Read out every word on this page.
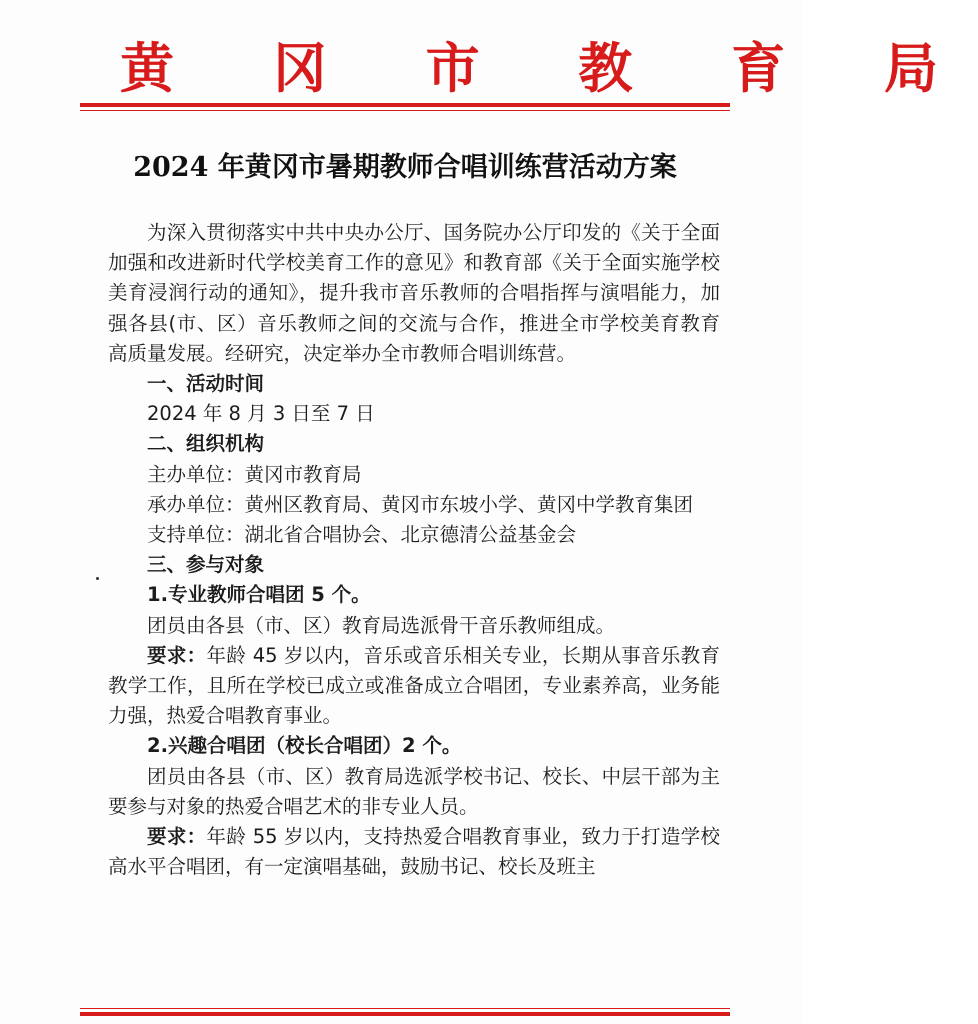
黄 冈 市 教 育 局
2024 年黄冈市暑期教师合唱训练营活动方案

为深入贯彻落实中共中央办公厅、国务院办公厅印发的《关于全面加强和改进新时代学校美育工作的意见》和教育部《关于全面实施学校美育浸润行动的通知》，提升我市音乐教师的合唱指挥与演唱能力，加强各县(市、区）音乐教师之间的交流与合作，推进全市学校美育教育高质量发展。经研究，决定举办全市教师合唱训练营。

一、活动时间

2024 年 8 月 3 日至 7 日

二、组织机构

主办单位：黄冈市教育局

承办单位：黄州区教育局、黄冈市东坡小学、黄冈中学教育集团

支持单位：湖北省合唱协会、北京德清公益基金会

三、参与对象

1.专业教师合唱团 5 个。

团员由各县（市、区）教育局选派骨干音乐教师组成。

要求：年龄 45 岁以内，音乐或音乐相关专业，长期从事音乐教育教学工作，且所在学校已成立或准备成立合唱团，专业素养高，业务能力强，热爱合唱教育事业。

2.兴趣合唱团（校长合唱团）2 个。

团员由各县（市、区）教育局选派学校书记、校长、中层干部为主要参与对象的热爱合唱艺术的非专业人员。

要求：年龄 55 岁以内，支持热爱合唱教育事业，致力于打造学校高水平合唱团，有一定演唱基础，鼓励书记、校长及班主
